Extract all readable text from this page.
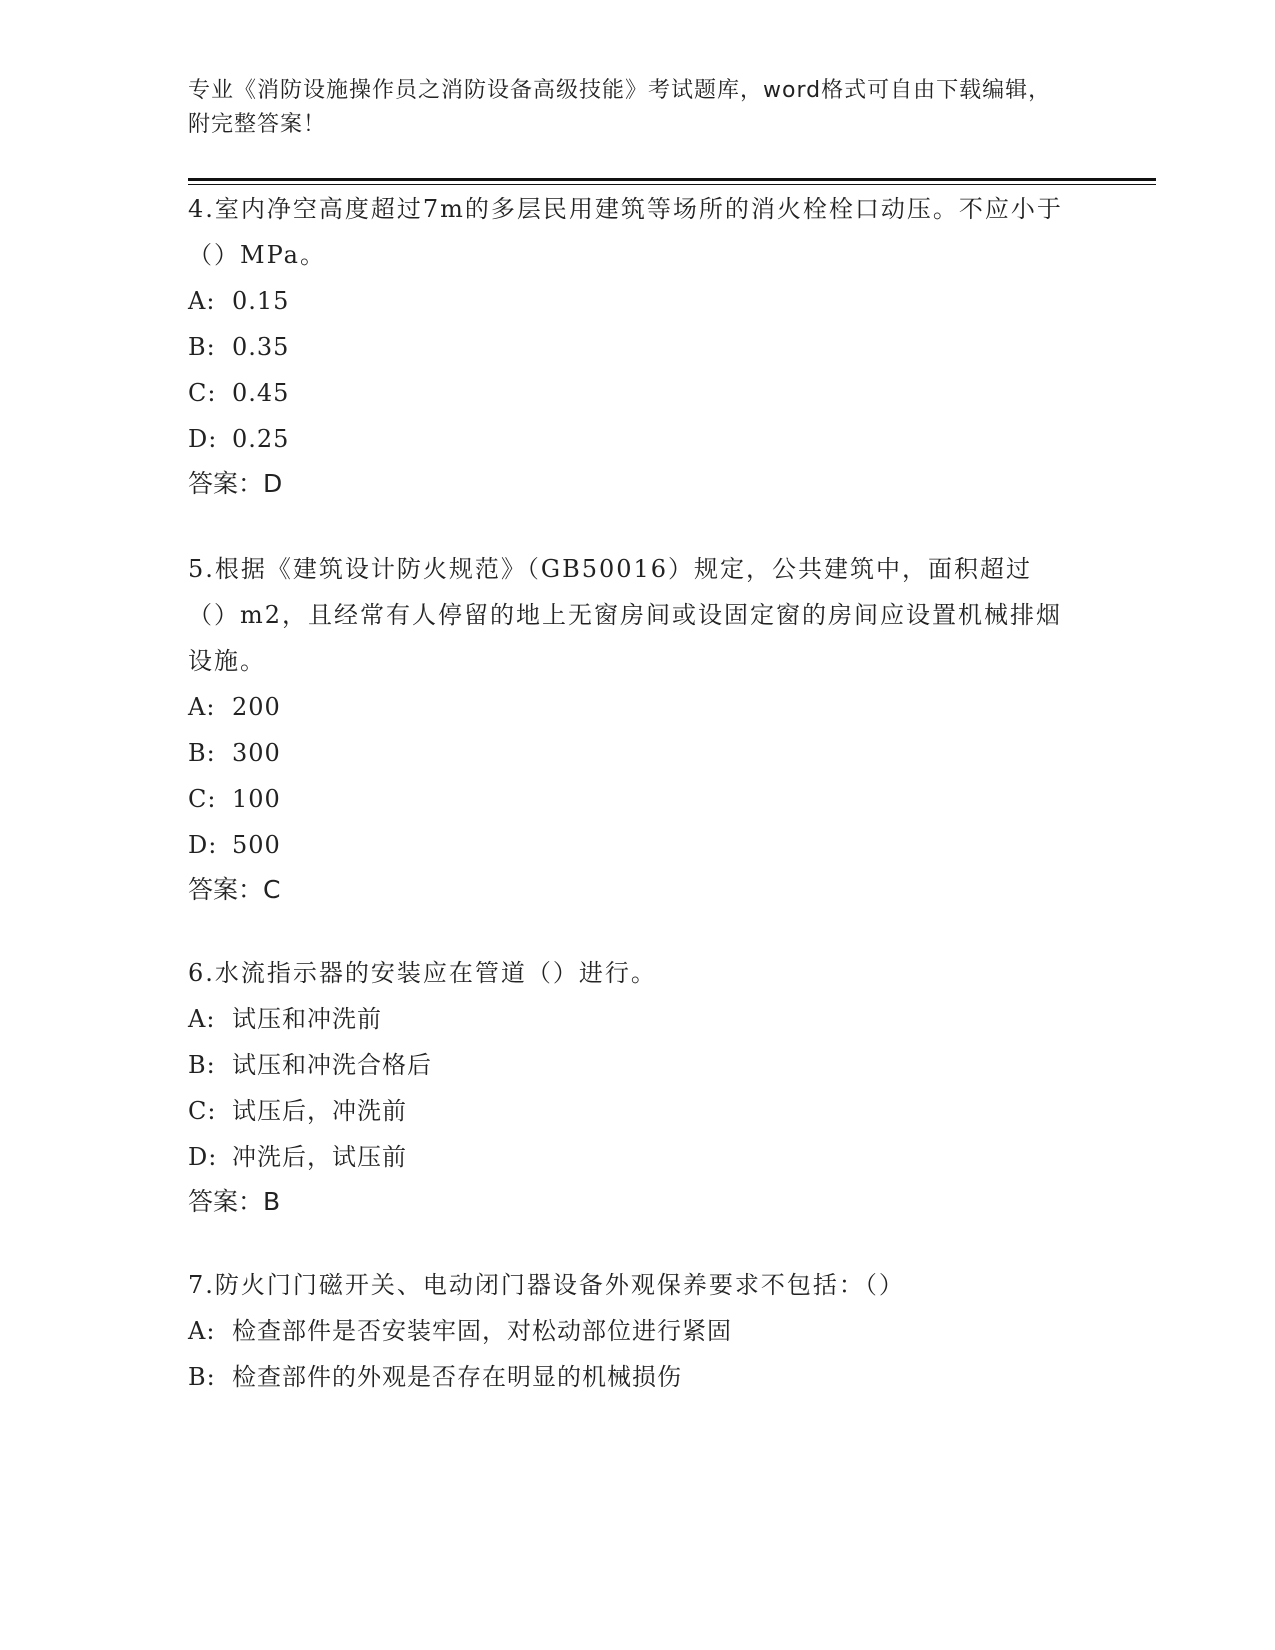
专业《消防设施操作员之消防设备高级技能》考试题库，word格式可自由下载编辑，附完整答案！

4.室内净空高度超过7m的多层民用建筑等场所的消火栓栓口动压。不应小于（）MPa。

A: 0.15

B: 0.35

C: 0.45

D: 0.25

答案：D

5.根据《建筑设计防火规范》（GB50016）规定，公共建筑中，面积超过（）m2，且经常有人停留的地上无窗房间或设固定窗的房间应设置机械排烟设施。

A: 200

B: 300

C: 100

D: 500

答案：C

6.水流指示器的安装应在管道（）进行。

A: 试压和冲洗前

B: 试压和冲洗合格后

C: 试压后，冲洗前

D: 冲洗后，试压前

答案：B

7.防火门门磁开关、电动闭门器设备外观保养要求不包括：（）

A: 检查部件是否安装牢固，对松动部位进行紧固

B: 检查部件的外观是否存在明显的机械损伤
